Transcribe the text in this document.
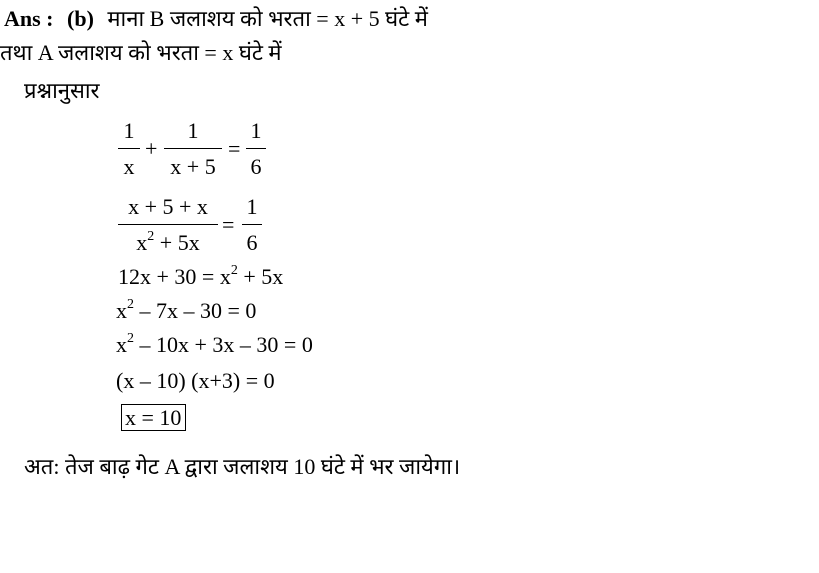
Ans : (b) माना B जलाशय को भरता = x + 5 घंटे में
तथा A जलाशय को भरता = x घंटे में
प्रश्नानुसार
1
x
+
1
x + 5
=
1
6
x + 5 + x
$x^2 + 5x$
=
1
6
$12x + 30 = x^2 + 5x$
$x^2 - 7x - 30 = 0$
$x^2 - 10x + 3x - 30 = 0$
(x – 10) (x+3) = 0
x = 10
अत: तेज बाढ़ गेट A द्वारा जलाशय 10 घंटे में भर जायेगा।
